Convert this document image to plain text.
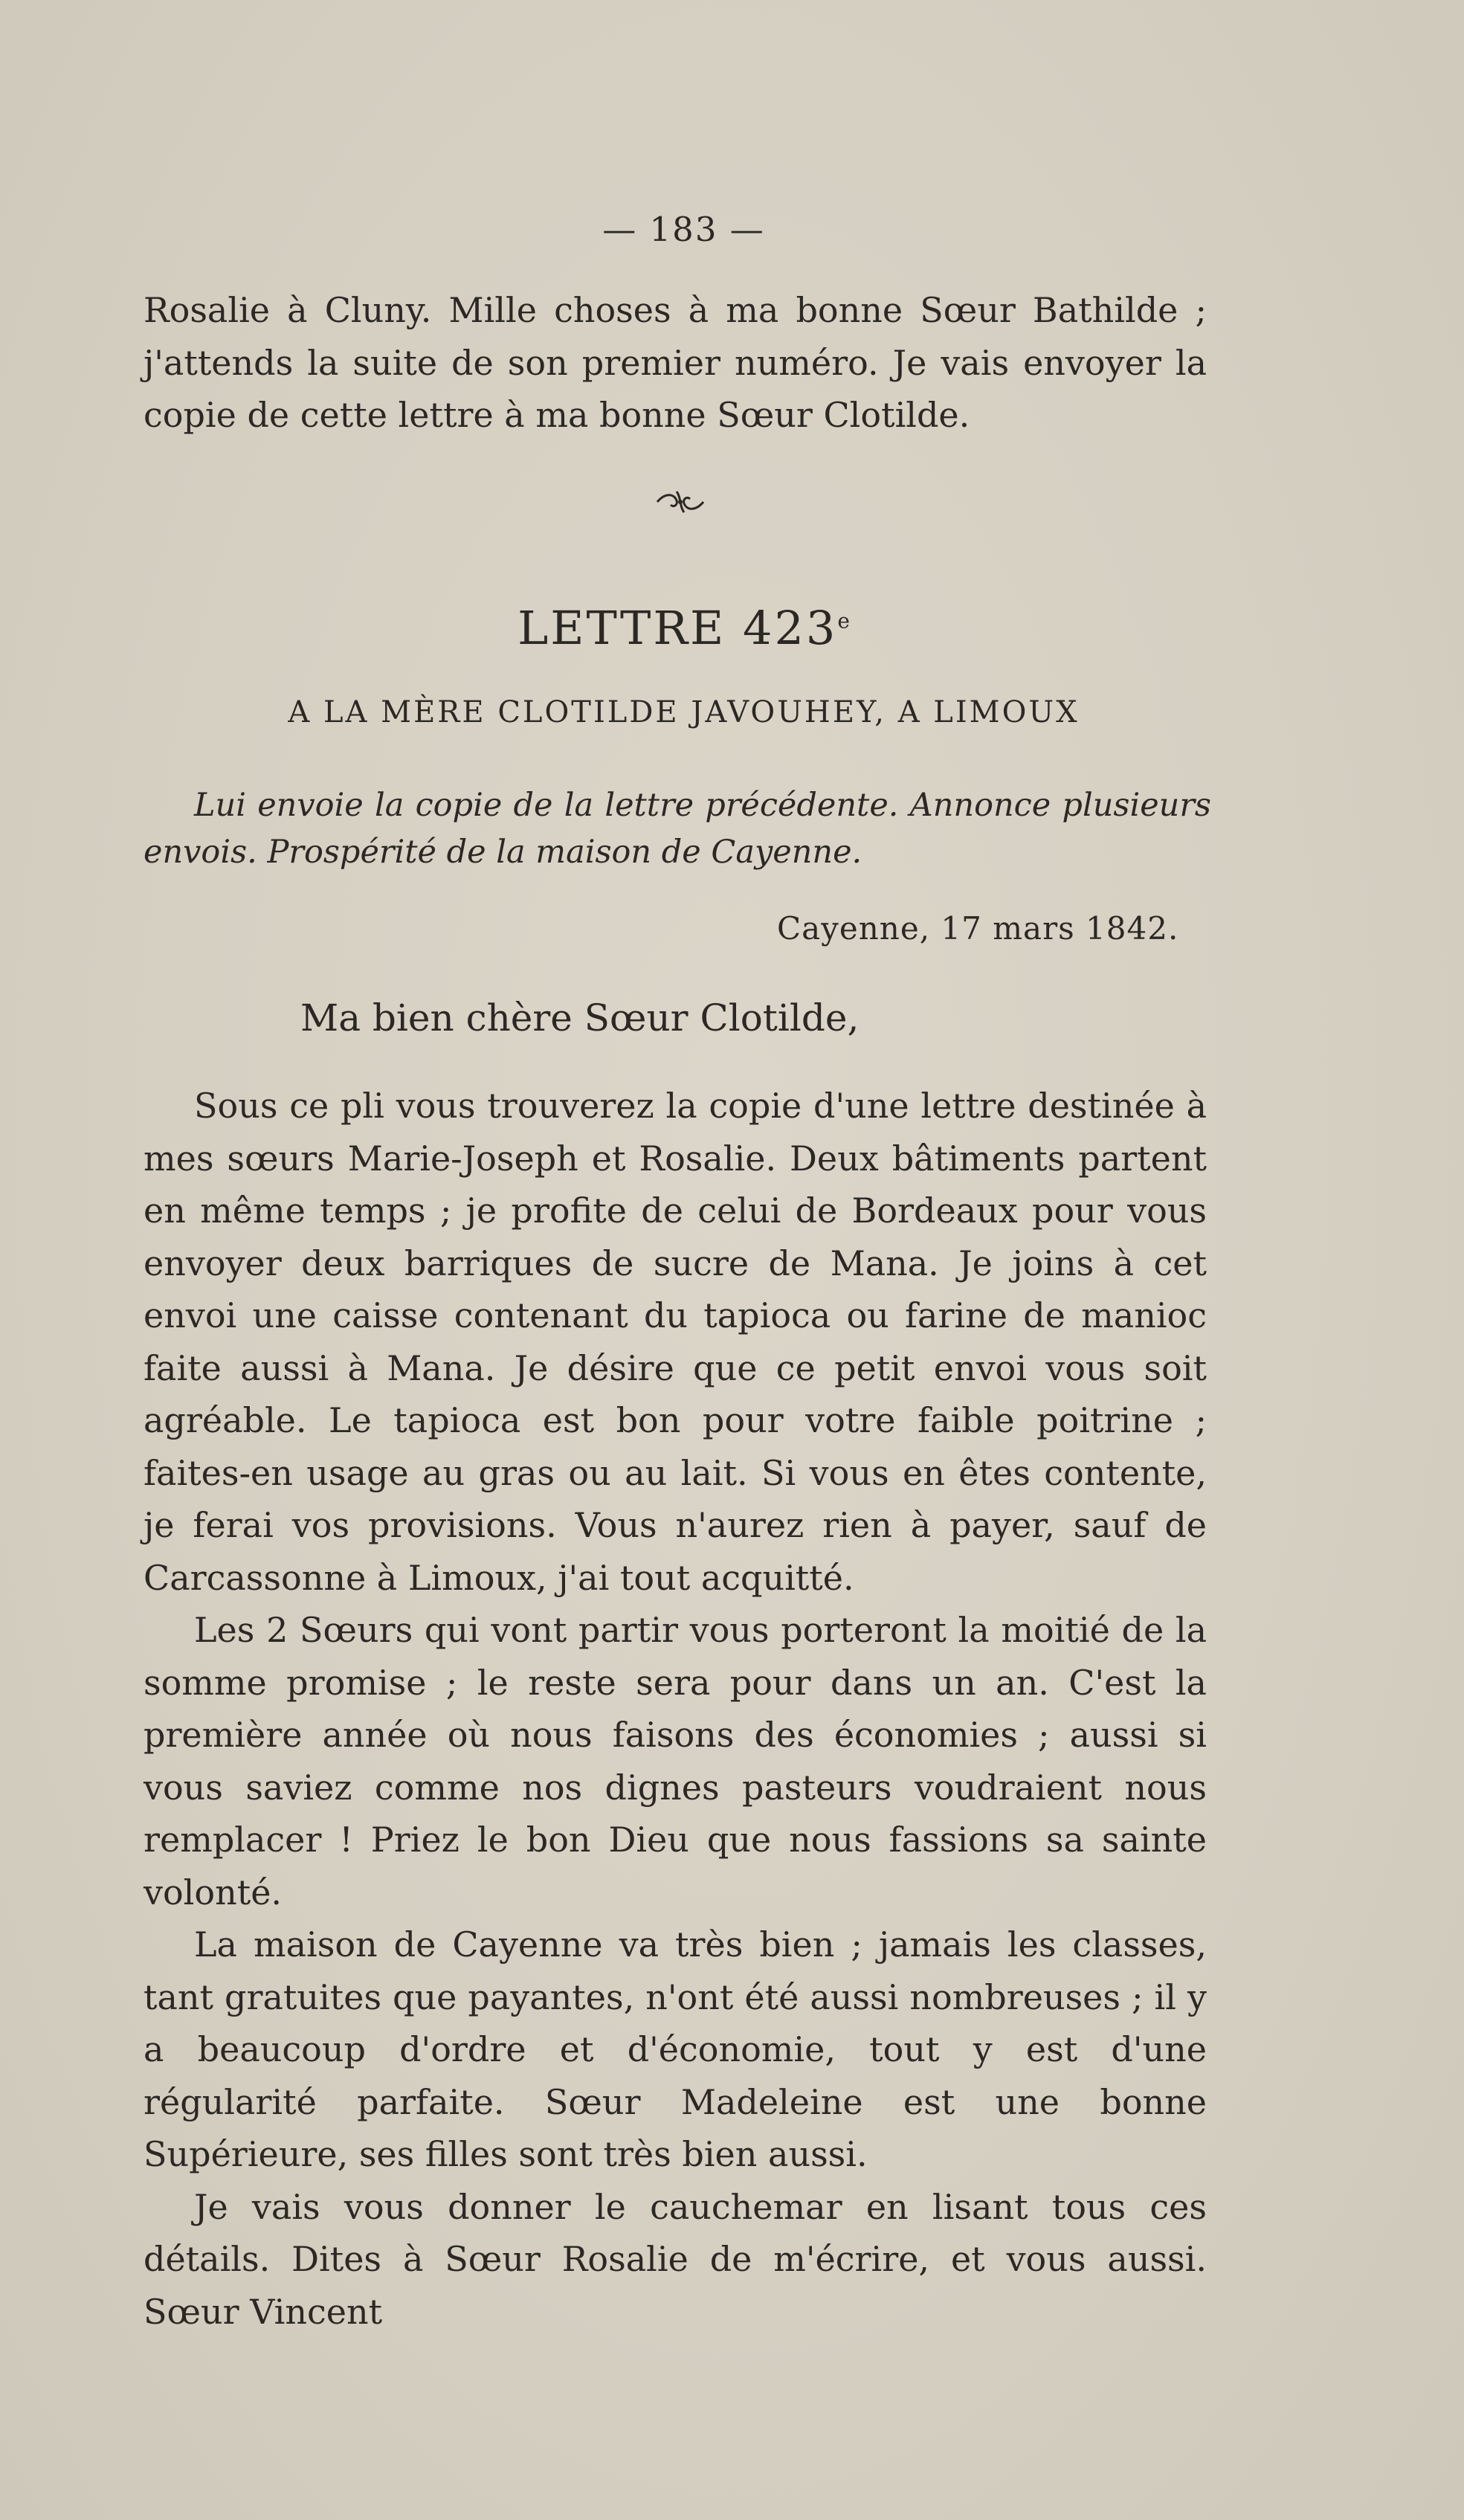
— 183 —

Rosalie à Cluny. Mille choses à ma bonne Sœur Bathilde ; j'attends la suite de son premier numéro. Je vais envoyer la copie de cette lettre à ma bonne Sœur Clotilde.

LETTRE 423e
A LA MÈRE CLOTILDE JAVOUHEY, A LIMOUX

Lui envoie la copie de la lettre précédente. Annonce plusieurs envois. Prospérité de la maison de Cayenne.

Cayenne, 17 mars 1842.
Ma bien chère Sœur Clotilde,

Sous ce pli vous trouverez la copie d'une lettre destinée à mes sœurs Marie-Joseph et Rosalie. Deux bâtiments partent en même temps ; je profite de celui de Bordeaux pour vous envoyer deux barriques de sucre de Mana. Je joins à cet envoi une caisse contenant du tapioca ou farine de manioc faite aussi à Mana. Je désire que ce petit envoi vous soit agréable. Le tapioca est bon pour votre faible poitrine ; faites-en usage au gras ou au lait. Si vous en êtes contente, je ferai vos provisions. Vous n'aurez rien à payer, sauf de Carcassonne à Limoux, j'ai tout acquitté.

Les 2 Sœurs qui vont partir vous porteront la moitié de la somme promise ; le reste sera pour dans un an. C'est la première année où nous faisons des économies ; aussi si vous saviez comme nos dignes pasteurs voudraient nous remplacer ! Priez le bon Dieu que nous fassions sa sainte volonté.

La maison de Cayenne va très bien ; jamais les classes, tant gratuites que payantes, n'ont été aussi nombreuses ; il y a beaucoup d'ordre et d'économie, tout y est d'une régularité parfaite. Sœur Madeleine est une bonne Supérieure, ses filles sont très bien aussi.

Je vais vous donner le cauchemar en lisant tous ces détails. Dites à Sœur Rosalie de m'écrire, et vous aussi. Sœur Vincent
